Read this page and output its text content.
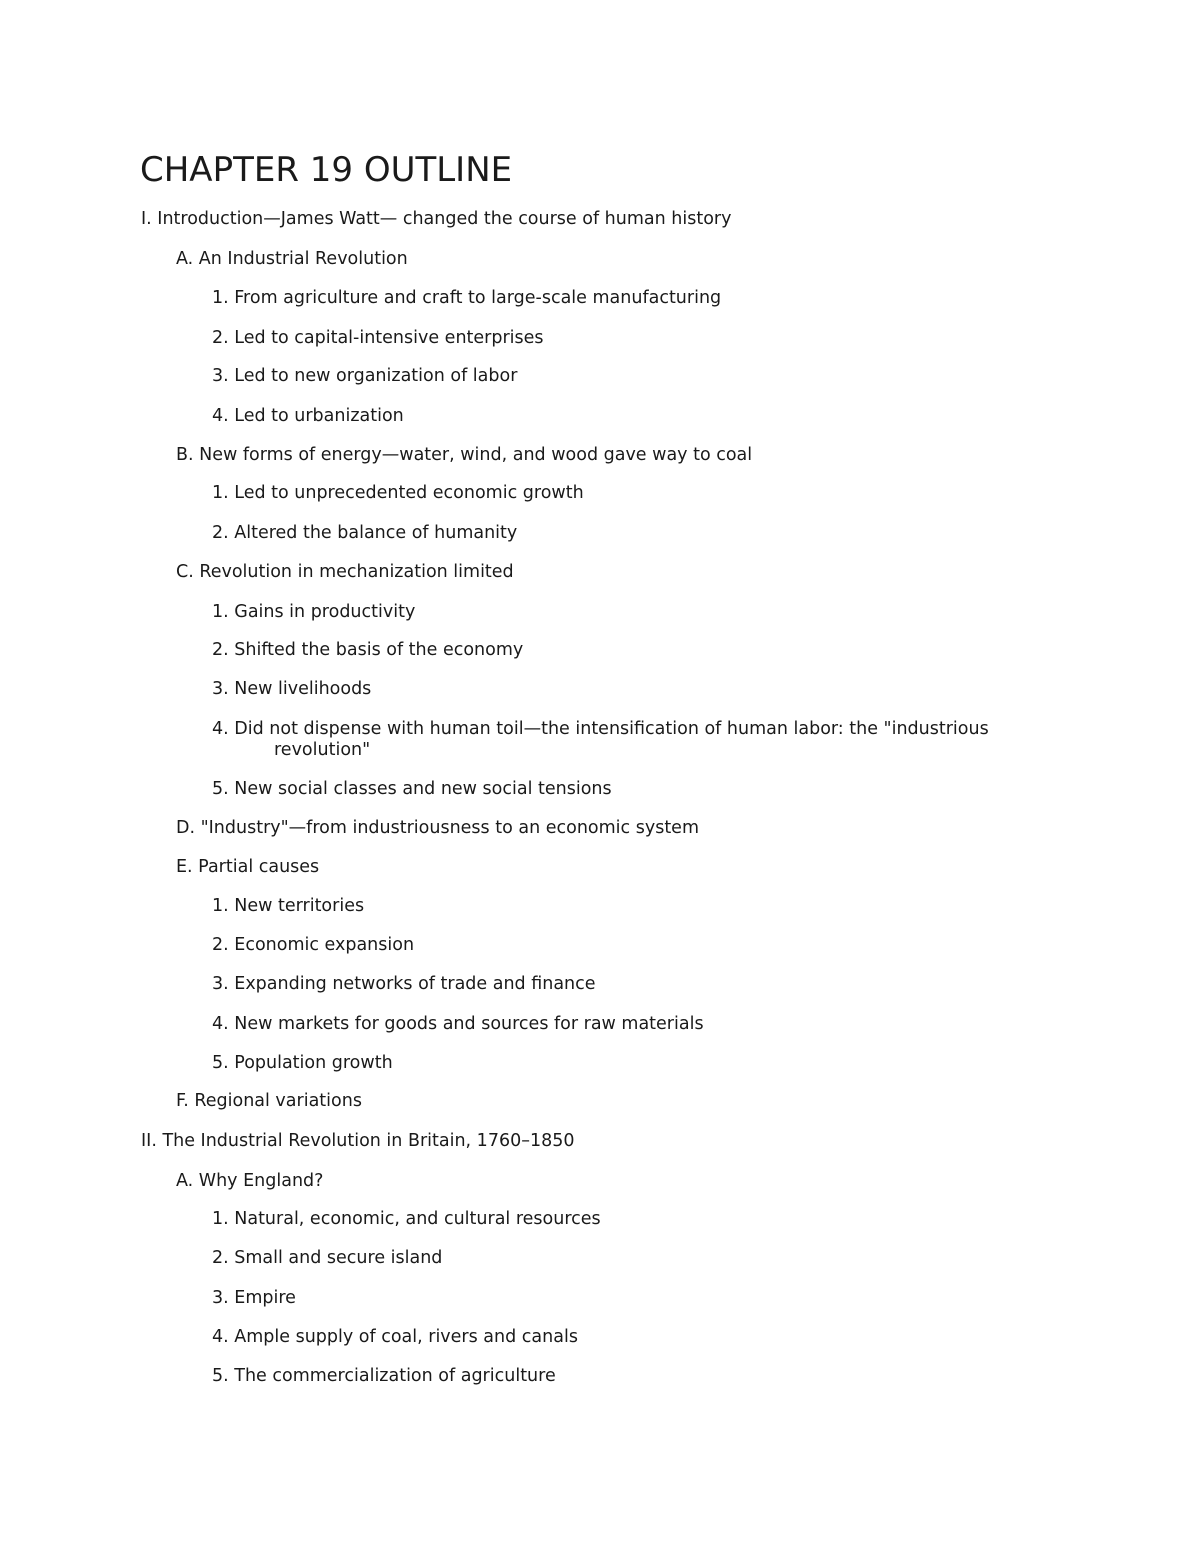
CHAPTER 19 OUTLINE
I. Introduction—James Watt— changed the course of human history
A. An Industrial Revolution
1. From agriculture and craft to large-scale manufacturing
2. Led to capital-intensive enterprises
3. Led to new organization of labor
4. Led to urbanization
B. New forms of energy—water, wind, and wood gave way to coal
1. Led to unprecedented economic growth
2. Altered the balance of humanity
C. Revolution in mechanization limited
1. Gains in productivity
2. Shifted the basis of the economy
3. New livelihoods
4. Did not dispense with human toil—the intensification of human labor: the "industrious
revolution"
5. New social classes and new social tensions
D. "Industry"—from industriousness to an economic system
E. Partial causes
1. New territories
2. Economic expansion
3. Expanding networks of trade and finance
4. New markets for goods and sources for raw materials
5. Population growth
F. Regional variations
II. The Industrial Revolution in Britain, 1760–1850
A. Why England?
1. Natural, economic, and cultural resources
2. Small and secure island
3. Empire
4. Ample supply of coal, rivers and canals
5. The commercialization of agriculture
